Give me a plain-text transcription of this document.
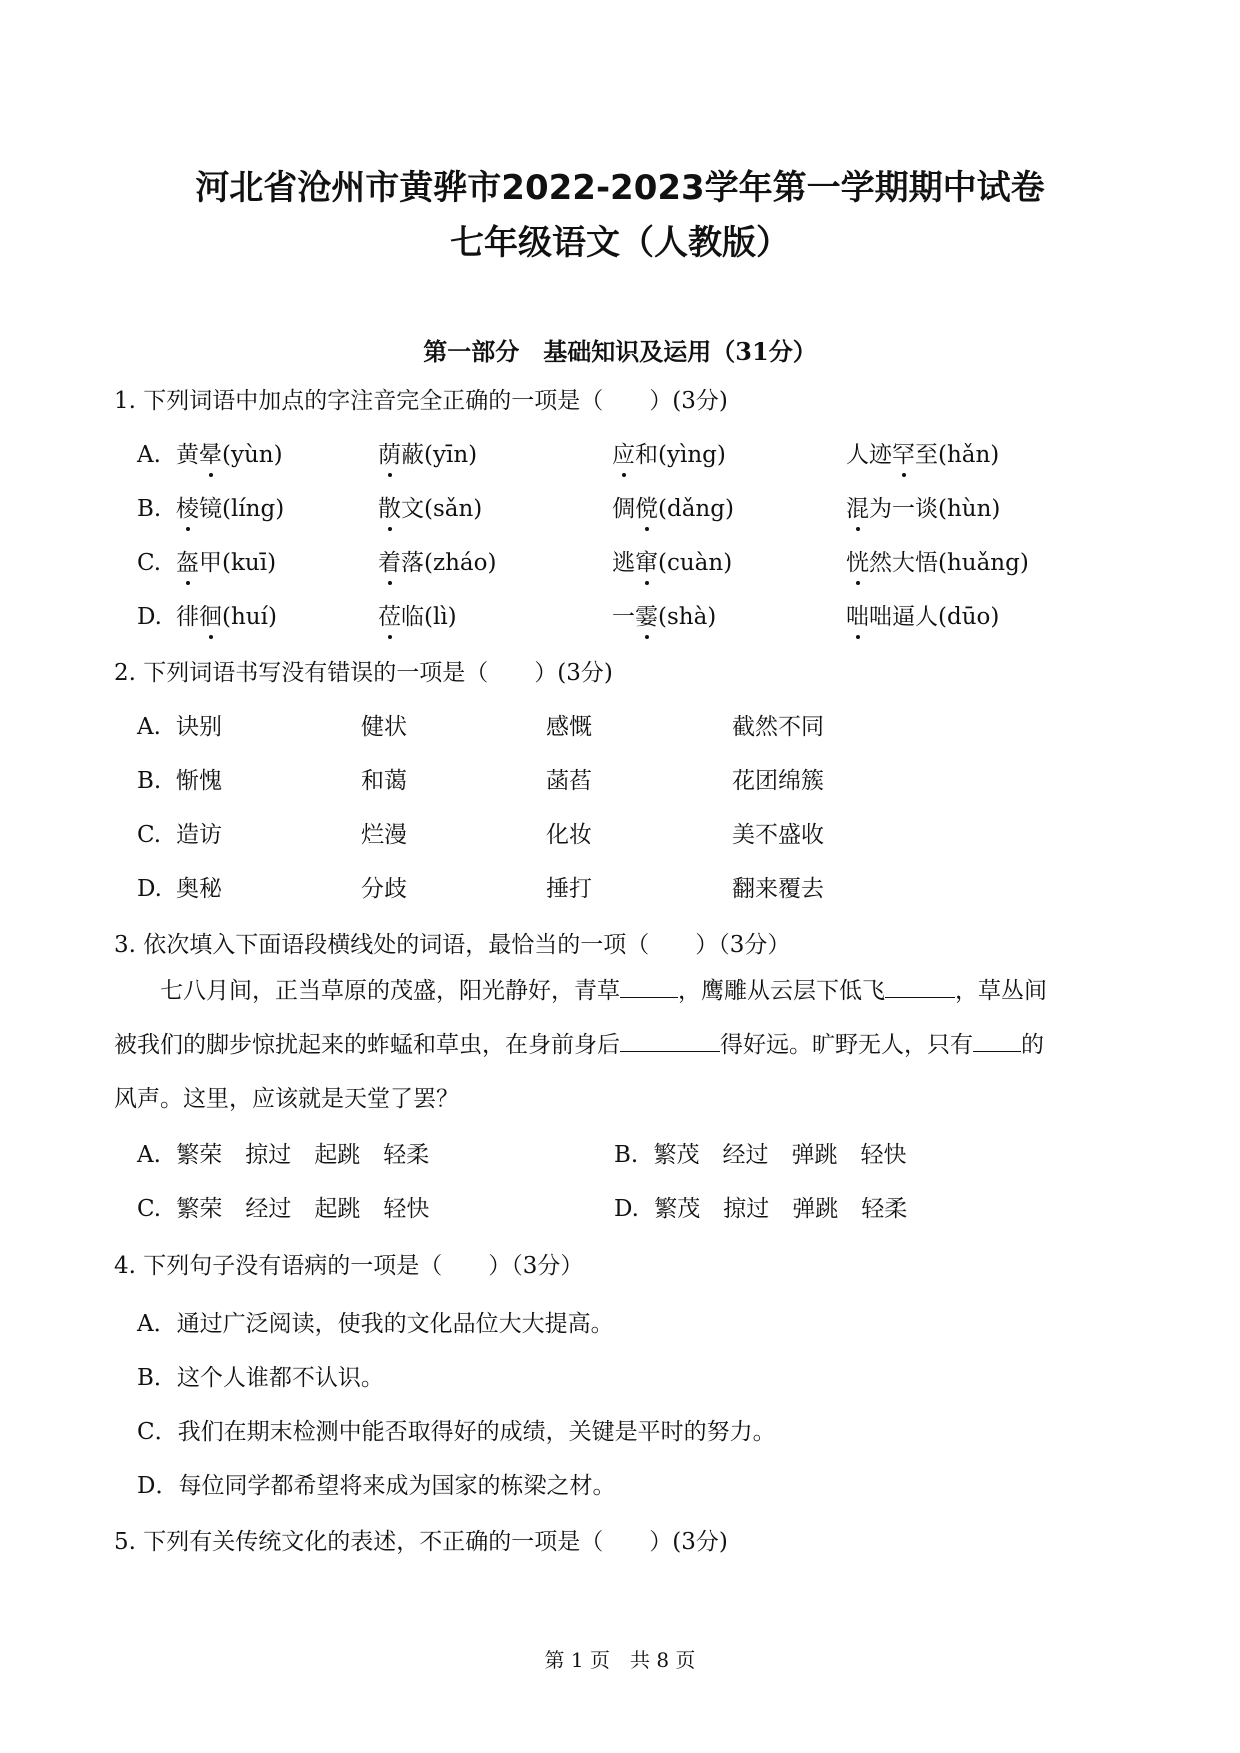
河北省沧州市黄骅市2022-2023学年第一学期期中试卷
七年级语文（人教版）
第一部分　基础知识及运用（31分）
1. 下列词语中加点的字注音完全正确的一项是（　　）(3分)
2. 下列词语书写没有错误的一项是（　　）(3分)
3. 依次填入下面语段横线处的词语，最恰当的一项（　　）（3分）
七八月间，正当草原的茂盛，阳光静好，青草	，鹰雕从云层下低飞	，草丛间
被我们的脚步惊扰起来的蚱蜢和草虫，在身前身后	得好远。旷野无人，只有 的
风声。这里，应该就是天堂了罢？
A. 繁荣　掠过　起跳　轻柔	B. 繁茂　经过　弹跳　轻快
C. 繁荣　经过　起跳　轻快	D. 繁茂　掠过　弹跳　轻柔
4. 下列句子没有语病的一项是（　　）（3分）
A．通过广泛阅读，使我的文化品位大大提高。
B．这个人谁都不认识。
C．我们在期末检测中能否取得好的成绩，关键是平时的努力。
D．每位同学都希望将来成为国家的栋梁之材。
5. 下列有关传统文化的表述，不正确的一项是（　　）(3分)
第 1 页　共 8 页
A. 黄晕(yùn)	荫蔽(yīn)	应和(yìng)	人迹罕至(hǎn)
B. 棱镜(líng)	散文(sǎn)	倜傥(dǎng)	混为一谈(hùn)
C. 盔甲(kuī)	着落(zháo)	逃窜(cuàn)	恍然大悟(huǎng)
D. 徘徊(huí)	莅临(lì)	一霎(shà)	咄咄逼人(dūo)
A. 诀别	健状	感慨	截然不同
B. 惭愧	和蔼	菡萏	花团绵簇
C. 造访	烂漫	化妆	美不盛收
D. 奥秘	分歧	捶打	翻来覆去
